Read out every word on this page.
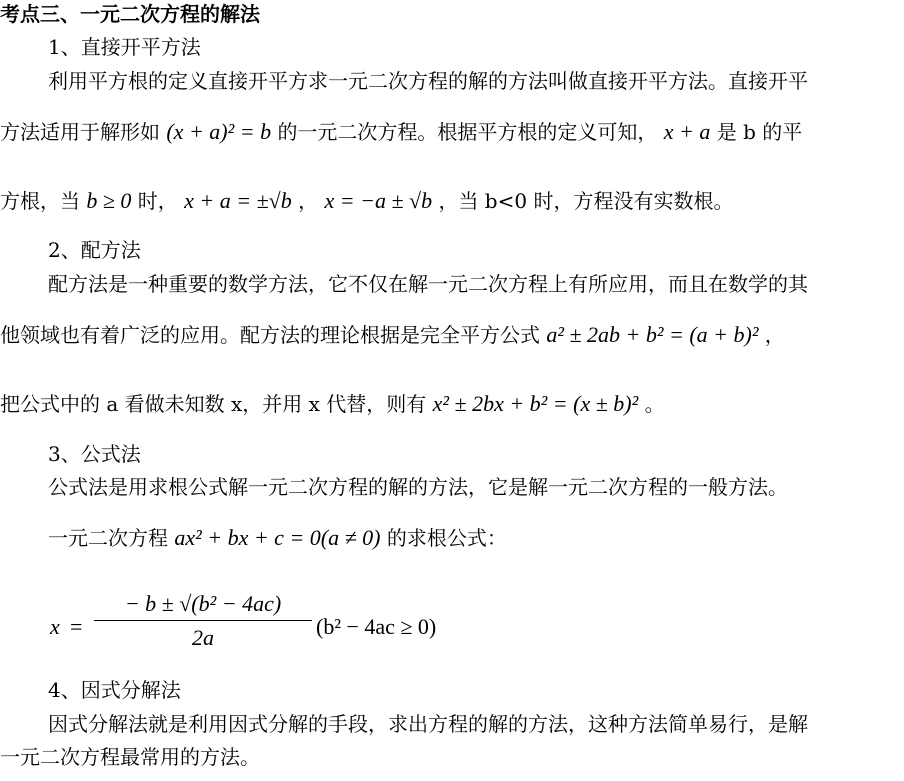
考点三、一元二次方程的解法
1、直接开平方法
利用平方根的定义直接开平方求一元二次方程的解的方法叫做直接开平方法。直接开平
方法适用于解形如 (x + a)² = b 的一元二次方程。根据平方根的定义可知， x + a 是 b 的平
方根，当 b ≥ 0 时， x + a = ±√b ， x = −a ± √b ，当 b<0 时，方程没有实数根。
2、配方法
配方法是一种重要的数学方法，它不仅在解一元二次方程上有所应用，而且在数学的其
他领域也有着广泛的应用。配方法的理论根据是完全平方公式 a² ± 2ab + b² = (a + b)² ，
把公式中的 a 看做未知数 x，并用 x 代替，则有 x² ± 2bx + b² = (x ± b)² 。
3、公式法
公式法是用求根公式解一元二次方程的解的方法，它是解一元二次方程的一般方法。
一元二次方程 ax² + bx + c = 0(a ≠ 0) 的求根公式：
x =
− b ± √(b² − 4ac)
2a	(b² − 4ac ≥ 0)
4、因式分解法
因式分解法就是利用因式分解的手段，求出方程的解的方法，这种方法简单易行，是解
一元二次方程最常用的方法。
